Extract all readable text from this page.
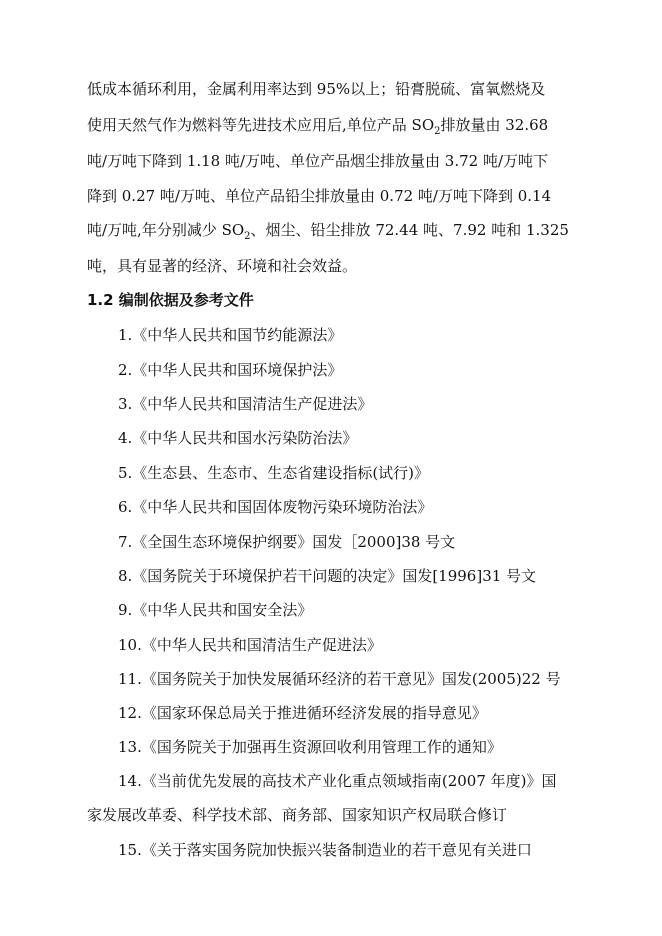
低成本循环利用，金属利用率达到 95%以上；铅膏脱硫、富氧燃烧及
使用天然气作为燃料等先进技术应用后,单位产品 $SO_2$排放量由 32.68
吨/万吨下降到 1.18 吨/万吨、单位产品烟尘排放量由 3.72 吨/万吨下
降到 0.27 吨/万吨、单位产品铅尘排放量由 0.72 吨/万吨下降到 0.14
吨/万吨,年分别减少 $SO_2$、烟尘、铅尘排放 72.44 吨、7.92 吨和 1.325
吨，具有显著的经济、环境和社会效益。
1.2 编制依据及参考文件
1.《中华人民共和国节约能源法》
2.《中华人民共和国环境保护法》
3.《中华人民共和国清洁生产促进法》
4.《中华人民共和国水污染防治法》
5.《生态县、生态市、生态省建设指标(试行)》
6.《中华人民共和国固体废物污染环境防治法》
7.《全国生态环境保护纲要》国发［2000]38 号文
8.《国务院关于环境保护若干问题的决定》国发[1996]31 号文
9.《中华人民共和国安全法》
10.《中华人民共和国清洁生产促进法》
11.《国务院关于加快发展循环经济的若干意见》国发(2005)22 号
12.《国家环保总局关于推进循环经济发展的指导意见》
13.《国务院关于加强再生资源回收利用管理工作的通知》
14.《当前优先发展的高技术产业化重点领域指南(2007 年度)》国
家发展改革委、科学技术部、商务部、国家知识产权局联合修订
15.《关于落实国务院加快振兴装备制造业的若干意见有关进口
